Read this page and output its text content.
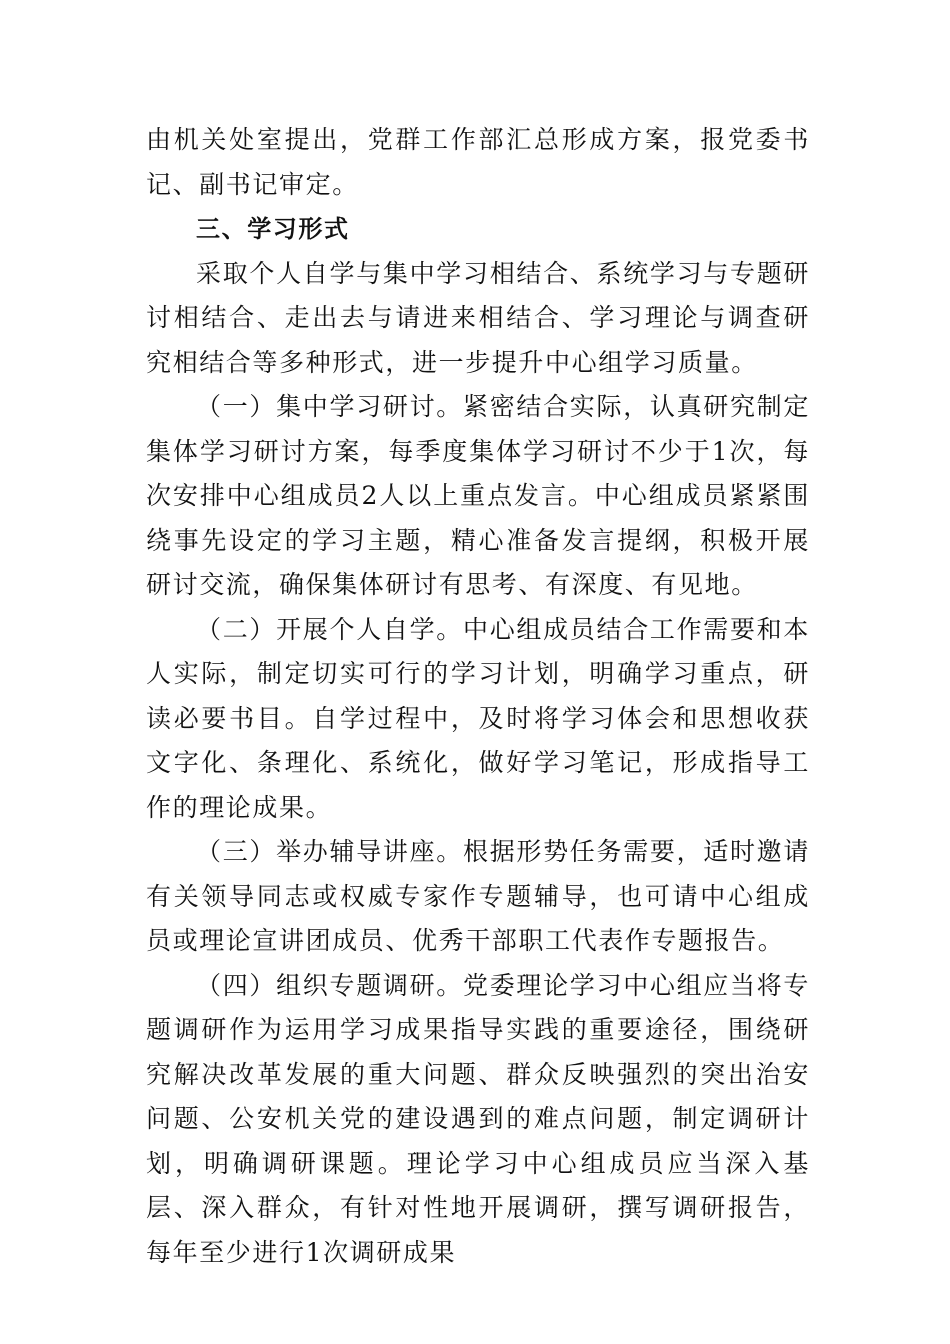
由机关处室提出，党群工作部汇总形成方案，报党委书记、副书记审定。

三、学习形式

采取个人自学与集中学习相结合、系统学习与专题研讨相结合、走出去与请进来相结合、学习理论与调查研究相结合等多种形式，进一步提升中心组学习质量。

（一）集中学习研讨。紧密结合实际，认真研究制定集体学习研讨方案，每季度集体学习研讨不少于1次，每次安排中心组成员2人以上重点发言。中心组成员紧紧围绕事先设定的学习主题，精心准备发言提纲，积极开展研讨交流，确保集体研讨有思考、有深度、有见地。

（二）开展个人自学。中心组成员结合工作需要和本人实际，制定切实可行的学习计划，明确学习重点，研读必要书目。自学过程中，及时将学习体会和思想收获文字化、条理化、系统化，做好学习笔记，形成指导工作的理论成果。

（三）举办辅导讲座。根据形势任务需要，适时邀请有关领导同志或权威专家作专题辅导，也可请中心组成员或理论宣讲团成员、优秀干部职工代表作专题报告。

（四）组织专题调研。党委理论学习中心组应当将专题调研作为运用学习成果指导实践的重要途径，围绕研究解决改革发展的重大问题、群众反映强烈的突出治安问题、公安机关党的建设遇到的难点问题，制定调研计划，明确调研课题。理论学习中心组成员应当深入基层、深入群众，有针对性地开展调研，撰写调研报告，每年至少进行1次调研成果
